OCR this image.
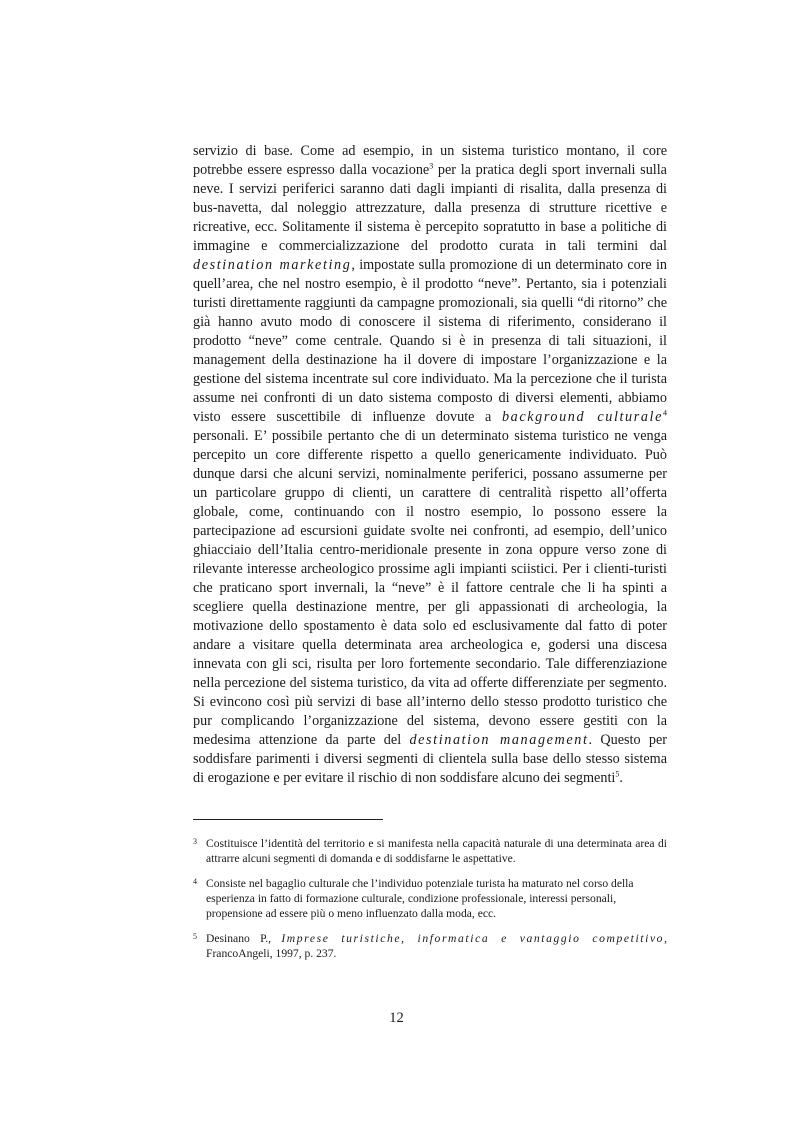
servizio di base. Come ad esempio, in un sistema turistico montano, il core potrebbe essere espresso dalla vocazione$^3$ per la pratica degli sport invernali sulla neve. I servizi periferici saranno dati dagli impianti di risalita, dalla presenza di bus-navetta, dal noleggio attrezzature, dalla presenza di strutture ricettive e ricreative, ecc. Solitamente il sistema è percepito sopratutto in base a politiche di immagine e commercializzazione del prodotto curata in tali termini dal destination marketing, impostate sulla promozione di un determinato core in quell’area, che nel nostro esempio, è il prodotto “neve”. Pertanto, sia i potenziali turisti direttamente raggiunti da campagne promozionali, sia quelli “di ritorno” che già hanno avuto modo di conoscere il sistema di riferimento, considerano il prodotto “neve” come centrale. Quando si è in presenza di tali situazioni, il management della destinazione ha il dovere di impostare l’organizzazione e la gestione del sistema incentrate sul core individuato. Ma la percezione che il turista assume nei confronti di un dato sistema composto di diversi elementi, abbiamo visto essere suscettibile di influenze dovute a background culturale$^4$ personali. E’ possibile pertanto che di un determinato sistema turistico ne venga percepito un core differente rispetto a quello genericamente individuato. Può dunque darsi che alcuni servizi, nominalmente periferici, possano assumerne per un particolare gruppo di clienti, un carattere di centralità rispetto all’offerta globale, come, continuando con il nostro esempio, lo possono essere la partecipazione ad escursioni guidate svolte nei confronti, ad esempio, dell’unico ghiacciaio dell’Italia centro-meridionale presente in zona oppure verso zone di rilevante interesse archeologico prossime agli impianti sciistici. Per i clienti-turisti che praticano sport invernali, la “neve” è il fattore centrale che li ha spinti a scegliere quella destinazione mentre, per gli appassionati di archeologia, la motivazione dello spostamento è data solo ed esclusivamente dal fatto di poter andare a visitare quella determinata area archeologica e, godersi una discesa innevata con gli sci, risulta per loro fortemente secondario. Tale differenziazione nella percezione del sistema turistico, da vita ad offerte differenziate per segmento. Si evincono così più servizi di base all’interno dello stesso prodotto turistico che pur complicando l’organizzazione del sistema, devono essere gestiti con la medesima attenzione da parte del destination management. Questo per soddisfare parimenti i diversi segmenti di clientela sulla base dello stesso sistema di erogazione e per evitare il rischio di non soddisfare alcuno dei segmenti$^5$.

3 Costituisce l’identità del territorio e si manifesta nella capacità naturale di una determinata area di attrarre alcuni segmenti di domanda e di soddisfarne le aspettative.

4 Consiste nel bagaglio culturale che l’individuo potenziale turista ha maturato nel corso della esperienza in fatto di formazione culturale, condizione professionale, interessi personali, propensione ad essere più o meno influenzato dalla moda, ecc.

5 Desinano P., Imprese turistiche, informatica e vantaggio competitivo, FrancoAngeli, 1997, p. 237.

12
